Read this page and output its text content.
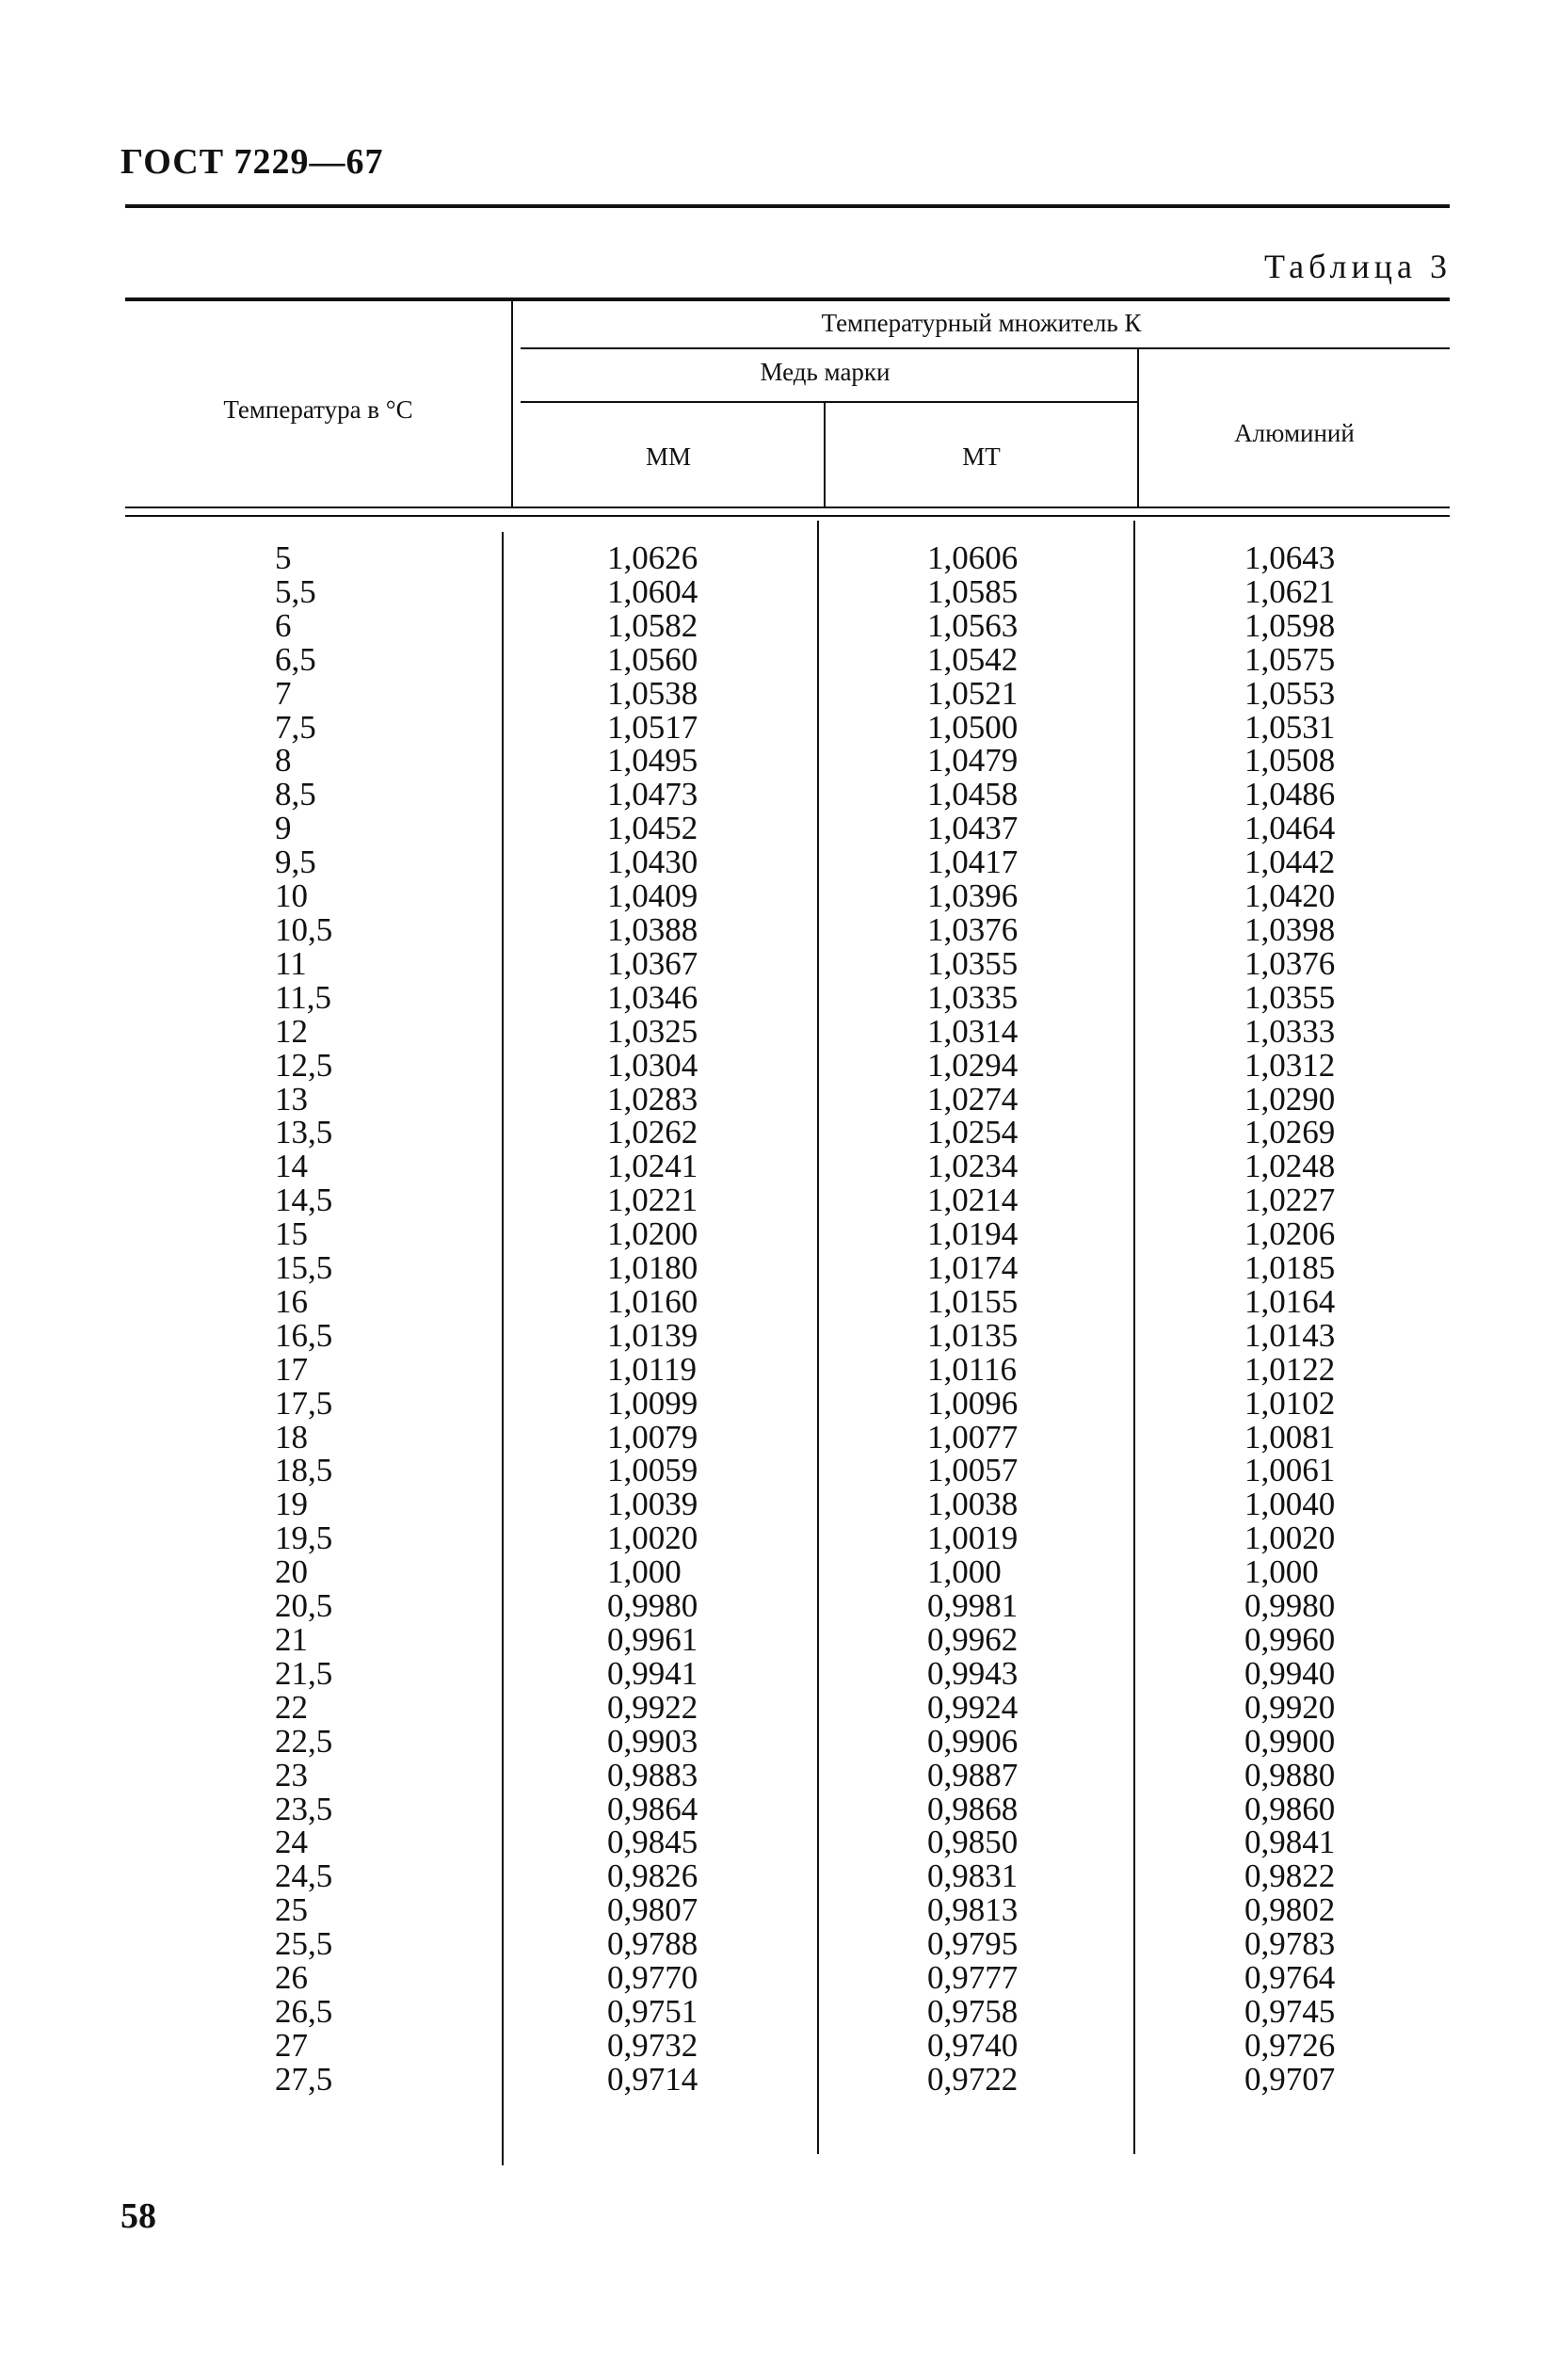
ГОСТ 7229—67
Таблица 3
Температура в °С
Температурный множитель К
Медь марки
ММ	МТ
Алюминий
5
5,5
6
6,5
7
7,5
8
8,5
9
9,5
10
10,5
11
11,5
12
12,5
13
13,5
14
14,5
15
15,5
16
16,5
17
17,5
18
18,5
19
19,5
20
20,5
21
21,5
22
22,5
23
23,5
24
24,5
25
25,5
26
26,5
27
27,5
1,0626
1,0604
1,0582
1,0560
1,0538
1,0517
1,0495
1,0473
1,0452
1,0430
1,0409
1,0388
1,0367
1,0346
1,0325
1,0304
1,0283
1,0262
1,0241
1,0221
1,0200
1,0180
1,0160
1,0139
1,0119
1,0099
1,0079
1,0059
1,0039
1,0020
1,000
0,9980
0,9961
0,9941
0,9922
0,9903
0,9883
0,9864
0,9845
0,9826
0,9807
0,9788
0,9770
0,9751
0,9732
0,9714
1,0606
1,0585
1,0563
1,0542
1,0521
1,0500
1,0479
1,0458
1,0437
1,0417
1,0396
1,0376
1,0355
1,0335
1,0314
1,0294
1,0274
1,0254
1,0234
1,0214
1,0194
1,0174
1,0155
1,0135
1,0116
1,0096
1,0077
1,0057
1,0038
1,0019
1,000
0,9981
0,9962
0,9943
0,9924
0,9906
0,9887
0,9868
0,9850
0,9831
0,9813
0,9795
0,9777
0,9758
0,9740
0,9722
1,0643
1,0621
1,0598
1,0575
1,0553
1,0531
1,0508
1,0486
1,0464
1,0442
1,0420
1,0398
1,0376
1,0355
1,0333
1,0312
1,0290
1,0269
1,0248
1,0227
1,0206
1,0185
1,0164
1,0143
1,0122
1,0102
1,0081
1,0061
1,0040
1,0020
1,000
0,9980
0,9960
0,9940
0,9920
0,9900
0,9880
0,9860
0,9841
0,9822
0,9802
0,9783
0,9764
0,9745
0,9726
0,9707
58
